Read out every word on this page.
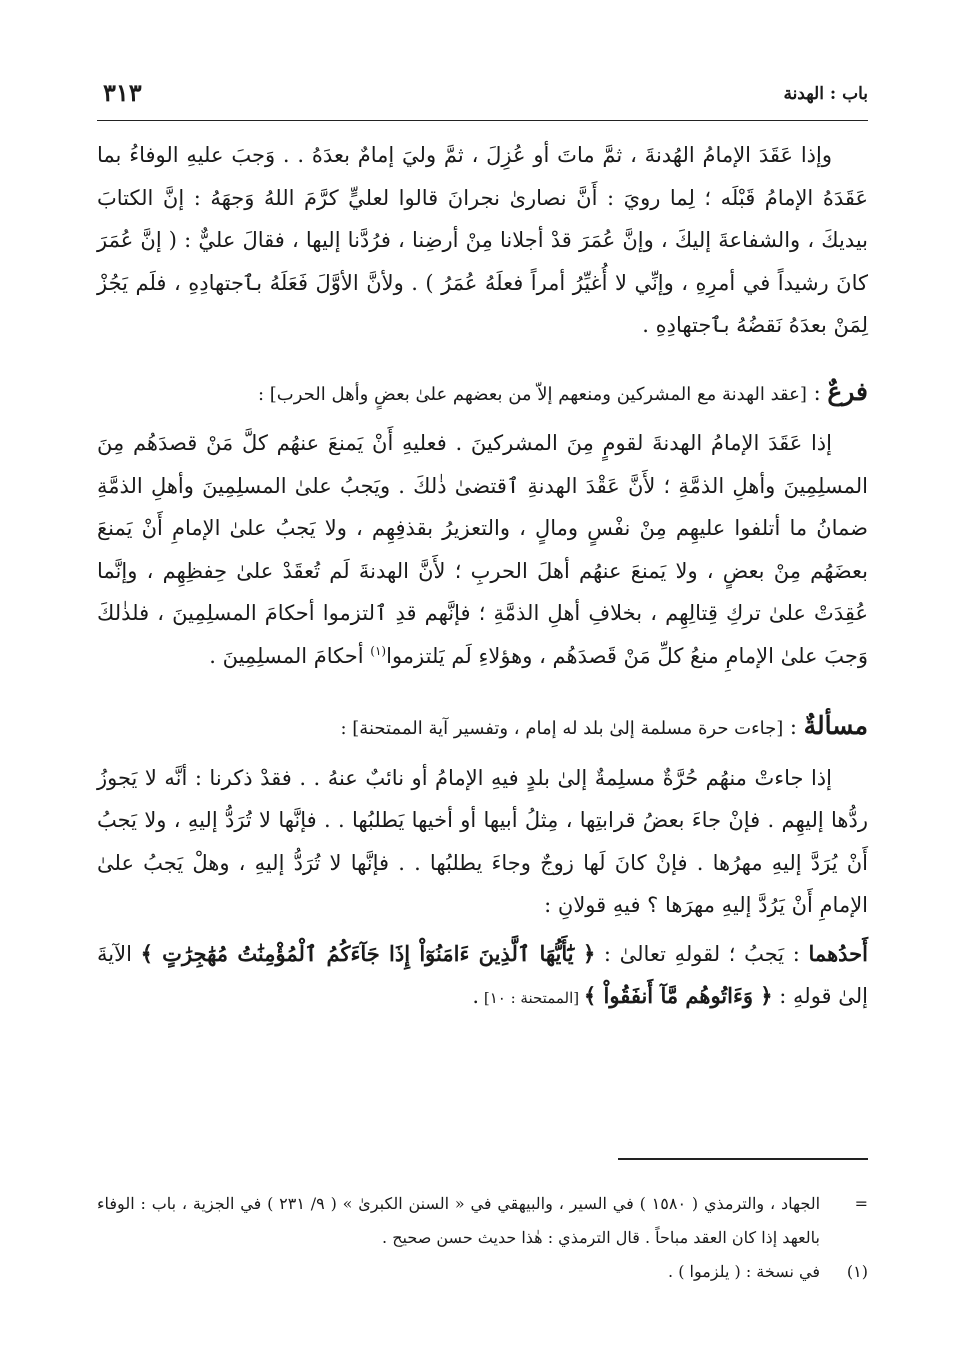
باب : الهدنة
٣١٣

وإذا عَقَدَ الإمامُ الهُدنةَ ، ثمَّ ماتَ أو عُزِلَ ، ثمَّ وليَ إمامٌ بعدَهُ . . وَجبَ عليهِ الوفاءُ بما عَقَدَهُ الإمامُ قَبْلَه ؛ لِما رويَ : أَنَّ نصارىٰ نجرانَ قالوا لعليٍّ كرَّمَ اللهُ وَجهَهُ : إنَّ الكتابَ بيديكَ ، والشفاعةَ إليكَ ، وإنَّ عُمَرَ قدْ أجلانا مِنْ أرضِنا ، فرُدَّنا إليها ، فقالَ عليٌّ : ( إنَّ عُمَرَ كانَ رشيداً في أمرِهِ ، وإنِّي لا أُغيِّرُ أمراً فعلَهُ عُمَرُ ) . ولأنَّ الأوَّلَ فَعَلَهُ بٱجتهادِهِ ، فلَم يَجُزْ لِمَنْ بعدَهُ نَقضُهُ بٱجتهادِهِ .

فرعٌ : [عقد الهدنة مع المشركين ومنعهم إلاّ من بعضهم علىٰ بعضٍ وأهل الحرب] :

إذا عَقَدَ الإمامُ الهدنةَ لقومٍ مِنَ المشركينَ . فعليهِ أَنْ يَمنعَ عنهُم كلَّ مَنْ قصدَهُم مِنَ المسلِمِينَ وأهلِ الذمَّةِ ؛ لأَنَّ عَقْدَ الهدنةِ ٱقتضىٰ ذٰلكَ . ويَجبُ علىٰ المسلِمِينَ وأهلِ الذمَّةِ ضمانُ ما أتلفوا عليهِم مِنْ نفْسٍ ومالٍ ، والتعزيرُ بقذفِهِم ، ولا يَجبُ علىٰ الإمامِ أَنْ يَمنعَ بعضَهُم مِنْ بعضٍ ، ولا يَمنعَ عنهُم أهلَ الحربِ ؛ لأَنَّ الهدنةَ لَم تُعقَدْ علىٰ حِفظِهِم ، وإنَّما عُقِدَتْ علىٰ تركِ قِتالِهِم ، بخلافِ أهلِ الذمَّةِ ؛ فإنَّهم قدِ ٱلتزموا أحكامَ المسلِمِينَ ، فلذٰلكَ وَجبَ علىٰ الإمامِ منعُ كلِّ مَنْ قَصدَهُم ، وهؤلاءِ لَم يَلتزموا$^{(١)}$ أحكامَ المسلِمِينَ .

مسألةٌ : [جاءت حرة مسلمة إلىٰ بلد له إمام ، وتفسير آية الممتحنة] :

إذا جاءتْ منهُم حُرَّةٌ مسلِمةٌ إلىٰ بلدٍ فيهِ الإمامُ أو نائبٌ عنهُ . . فقدْ ذكرنا : أنَّه لا يَجوزُ ردُّها إليهِم . فإنْ جاءَ بعضُ قرابتِها ، مِثلُ أبيها أو أخيها يَطلبُها . . فإنَّها لا تُرَدُّ إليهِ ، ولا يَجبُ أَنْ يُرَدَّ إليهِ مهرُها . فإنْ كانَ لَها زوجٌ وجاءَ يطلبُها . . فإنَّها لا تُرَدُّ إليهِ ، وهلْ يَجبُ علىٰ الإمامِ أَنْ يَرُدَّ إليهِ مهرَها ؟ فيهِ قولانِ :

أَحدُهما : يَجبُ ؛ لقولهِ تعالىٰ : ﴿ يَٰٓأَيُّهَا ٱلَّذِينَ ءَامَنُوٓاْ إِذَا جَآءَكُمُ ٱلْمُؤْمِنَٰتُ مُهَٰجِرَٰتٍ ﴾ الآيةَ إلىٰ قولهِ : ﴿ وَءَاتُوهُم مَّآ أَنفَقُواْ ﴾ [الممتحنة : ١٠] .

=
الجهاد ، والترمذي ( ١٥٨٠ ) في السير ، والبيهقي في « السنن الكبرىٰ » ( ٩/ ٢٣١ ) في الجزية ، باب : الوفاء بالعهد إذا كان العقد مباحاً . قال الترمذي : هٰذا حديث حسن صحيح .

(١)
في نسخة : ( يلزموا ) .
